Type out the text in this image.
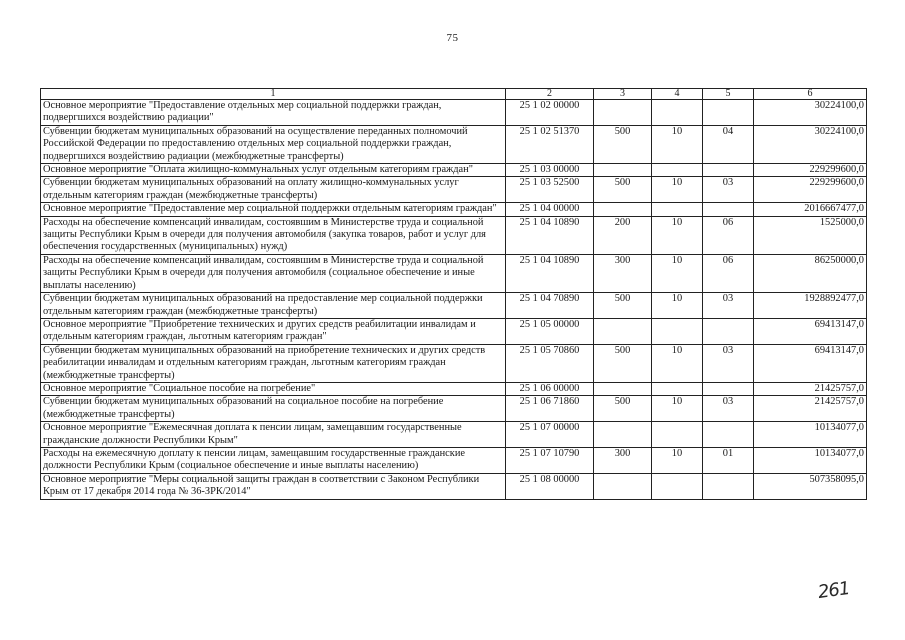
75
1	2	3	4	5	6
Основное мероприятие "Предоставление отдельных мер социальной поддержки граждан, подвергшихся воздействию радиации"	25 1 02 00000				30224100,0
Субвенции бюджетам муниципальных образований на осуществление переданных полномочий Российской Федерации по предоставлению отдельных мер социальной поддержки граждан, подвергшихся воздействию радиации (межбюджетные трансферты)	25 1 02 51370	500	10	04	30224100,0
Основное мероприятие "Оплата жилищно-коммунальных услуг отдельным категориям граждан"	25 1 03 00000				229299600,0
Субвенции бюджетам муниципальных образований на оплату жилищно-коммунальных услуг отдельным категориям граждан (межбюджетные трансферты)	25 1 03 52500	500	10	03	229299600,0
Основное мероприятие "Предоставление мер социальной поддержки отдельным категориям граждан"	25 1 04 00000				2016667477,0
Расходы на обеспечение компенсаций инвалидам, состоявшим в Министерстве труда и социальной защиты Республики Крым в очереди для получения автомобиля (закупка товаров, работ и услуг для обеспечения государственных (муниципальных) нужд)	25 1 04 10890	200	10	06	1525000,0
Расходы на обеспечение компенсаций инвалидам, состоявшим в Министерстве труда и социальной защиты Республики Крым в очереди для получения автомобиля (социальное обеспечение и иные выплаты населению)	25 1 04 10890	300	10	06	86250000,0
Субвенции бюджетам муниципальных образований на предоставление мер социальной поддержки отдельным категориям граждан (межбюджетные трансферты)	25 1 04 70890	500	10	03	1928892477,0
Основное мероприятие "Приобретение технических и других средств реабилитации инвалидам и отдельным категориям граждан, льготным категориям граждан"	25 1 05 00000				69413147,0
Субвенции бюджетам муниципальных образований на приобретение технических и других средств реабилитации инвалидам и отдельным категориям граждан, льготным категориям граждан (межбюджетные трансферты)	25 1 05 70860	500	10	03	69413147,0
Основное мероприятие "Социальное пособие на погребение"	25 1 06 00000				21425757,0
Субвенции бюджетам муниципальных образований на социальное пособие на погребение (межбюджетные трансферты)	25 1 06 71860	500	10	03	21425757,0
Основное мероприятие "Ежемесячная доплата к пенсии лицам, замещавшим государственные гражданские должности Республики Крым"	25 1 07 00000				10134077,0
Расходы на ежемесячную доплату к пенсии лицам, замещавшим государственные гражданские должности Республики Крым (социальное обеспечение и иные выплаты населению)	25 1 07 10790	300	10	01	10134077,0
Основное мероприятие "Меры социальной защиты граждан в соответствии с Законом Республики Крым от 17 декабря 2014 года № 36-ЗРК/2014"	25 1 08 00000				507358095,0
261
